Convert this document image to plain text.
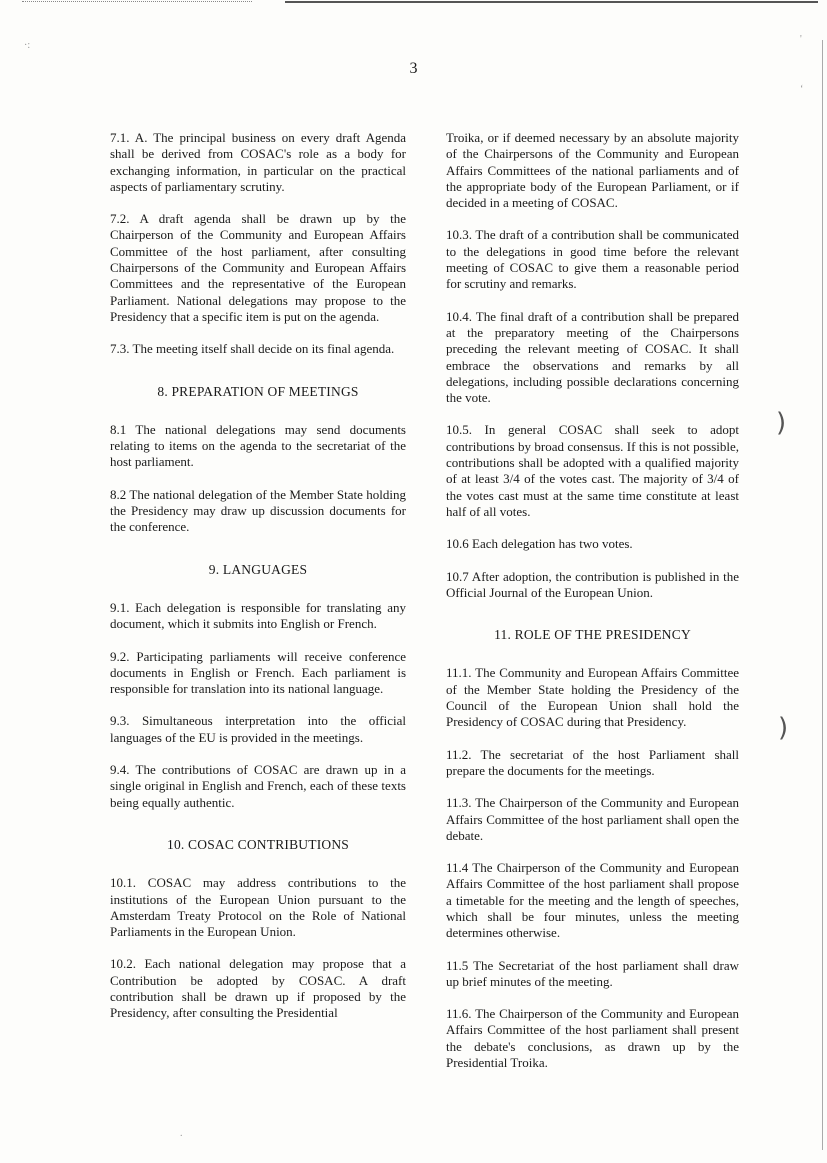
3
7.1. A. The principal business on every draft Agenda shall be derived from COSAC's role as a body for exchanging information, in particular on the practical aspects of parliamentary scrutiny.
7.2. A draft agenda shall be drawn up by the Chairperson of the Community and European Affairs Committee of the host parliament, after consulting Chairpersons of the Community and European Affairs Committees and the representative of the European Parliament. National delegations may propose to the Presidency that a specific item is put on the agenda.
7.3. The meeting itself shall decide on its final agenda.
8. PREPARATION OF MEETINGS
8.1 The national delegations may send documents relating to items on the agenda to the secretariat of the host parliament.
8.2 The national delegation of the Member State holding the Presidency may draw up discussion documents for the conference.
9. LANGUAGES
9.1. Each delegation is responsible for translating any document, which it submits into English or French.
9.2. Participating parliaments will receive conference documents in English or French. Each parliament is responsible for translation into its national language.
9.3. Simultaneous interpretation into the official languages of the EU is provided in the meetings.
9.4. The contributions of COSAC are drawn up in a single original in English and French, each of these texts being equally authentic.
10. COSAC CONTRIBUTIONS
10.1. COSAC may address contributions to the institutions of the European Union pursuant to the Amsterdam Treaty Protocol on the Role of National Parliaments in the European Union.
10.2. Each national delegation may propose that a Contribution be adopted by COSAC. A draft contribution shall be drawn up if proposed by the Presidency, after consulting the Presidential
Troika, or if deemed necessary by an absolute majority of the Chairpersons of the Community and European Affairs Committees of the national parliaments and of the appropriate body of the European Parliament, or if decided in a meeting of COSAC.
10.3. The draft of a contribution shall be communicated to the delegations in good time before the relevant meeting of COSAC to give them a reasonable period for scrutiny and remarks.
10.4. The final draft of a contribution shall be prepared at the preparatory meeting of the Chairpersons preceding the relevant meeting of COSAC. It shall embrace the observations and remarks by all delegations, including possible declarations concerning the vote.
10.5. In general COSAC shall seek to adopt contributions by broad consensus. If this is not possible, contributions shall be adopted with a qualified majority of at least 3/4 of the votes cast. The majority of 3/4 of the votes cast must at the same time constitute at least half of all votes.
10.6 Each delegation has two votes.
10.7 After adoption, the contribution is published in the Official Journal of the European Union.
11. ROLE OF THE PRESIDENCY
11.1. The Community and European Affairs Committee of the Member State holding the Presidency of the Council of the European Union shall hold the Presidency of COSAC during that Presidency.
11.2. The secretariat of the host Parliament shall prepare the documents for the meetings.
11.3. The Chairperson of the Community and European Affairs Committee of the host parliament shall open the debate.
11.4 The Chairperson of the Community and European Affairs Committee of the host parliament shall propose a timetable for the meeting and the length of speeches, which shall be four minutes, unless the meeting determines otherwise.
11.5 The Secretariat of the host parliament shall draw up brief minutes of the meeting.
11.6. The Chairperson of the Community and European Affairs Committee of the host parliament shall present the debate's conclusions, as drawn up by the Presidential Troika.
)
)
·:
'
‘
.
